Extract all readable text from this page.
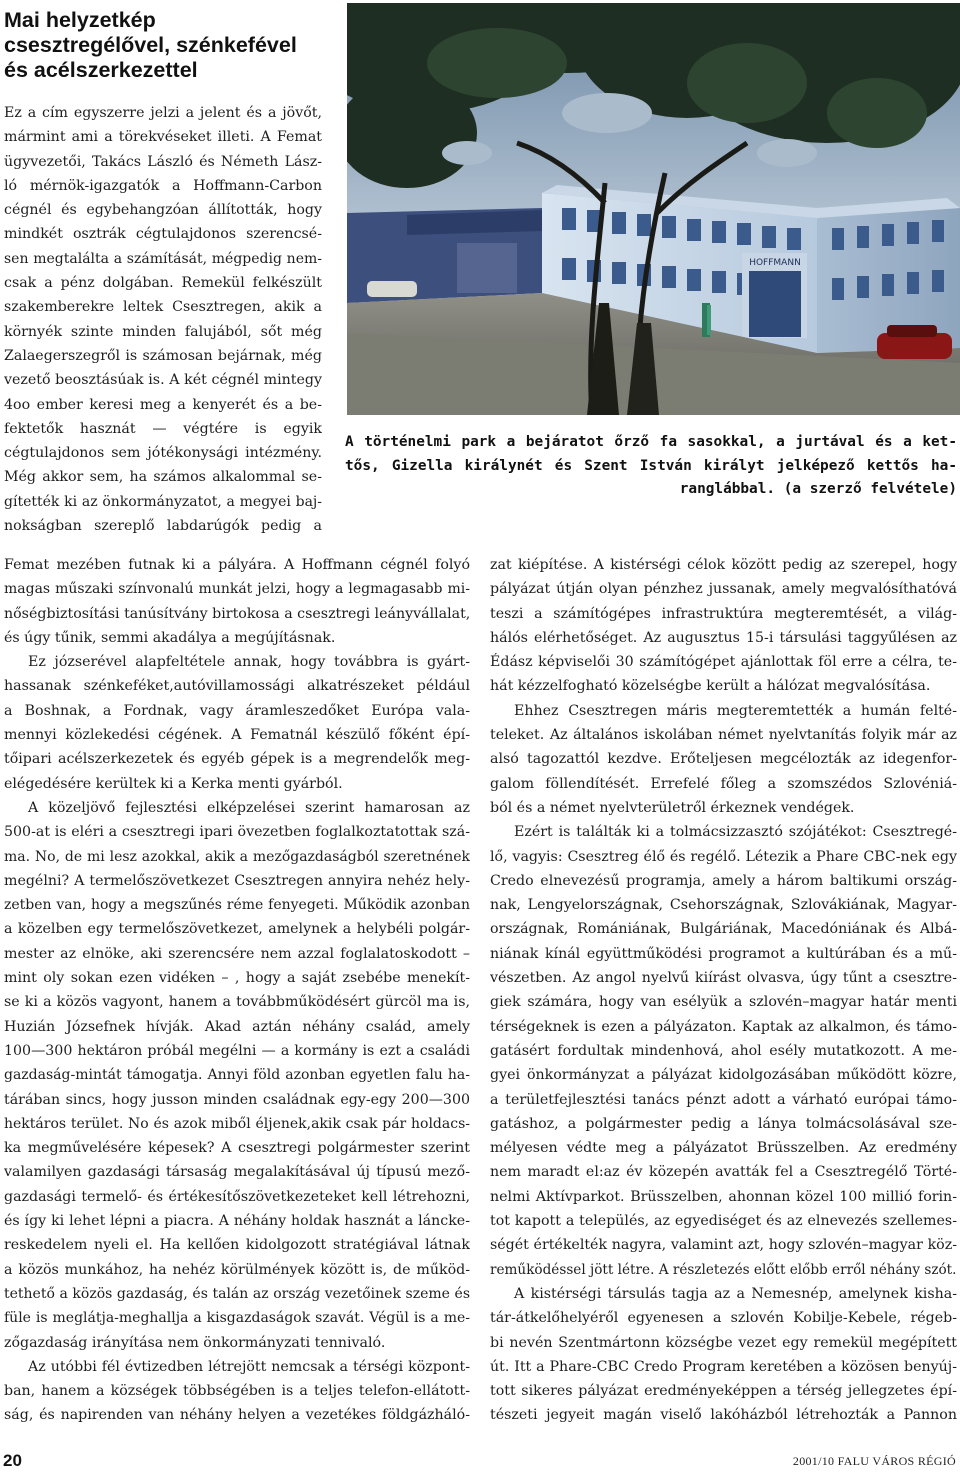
Mai helyzetkép
csesztregélővel, szénkefével
és acélszerkezettel
HOFFMANN
A történelmi park a bejáratot őrző fa sasokkal, a jurtával és a ket-
tős, Gizella királynét és Szent István királyt jelképező kettős ha-
ranglábbal. (a szerző felvétele)
Ez a cím egyszerre jelzi a jelent és a jövőt,
mármint ami a törekvéseket illeti. A Femat
ügyvezetői, Takács László és Németh Lász-
ló mérnök-igazgatók a Hoffmann-Carbon
cégnél és egybehangzóan állították, hogy
mindkét osztrák cégtulajdonos szerencsé-
sen megtalálta a számítását, mégpedig nem-
csak a pénz dolgában. Remekül felkészült
szakemberekre leltek Csesztregen, akik a
környék szinte minden falujából, sőt még
Zalaegerszegről is számosan bejárnak, még
vezető beosztásúak is. A két cégnél mintegy
4oo ember keresi meg a kenyerét és a be-
fektetők hasznát — végtére is egyik
cégtulajdonos sem jótékonysági intézmény.
Még akkor sem, ha számos alkalommal se-
gítették ki az önkormányzatot, a megyei baj-
nokságban szereplő labdarúgók pedig a
Femat mezében futnak ki a pályára. A Hoffmann cégnél folyó
magas műszaki színvonalú munkát jelzi, hogy a legmagasabb mi-
nőségbiztosítási tanúsítvány birtokosa a csesztregi leányvállalat,
és úgy tűnik, semmi akadálya a megújításnak.
Ez józserével alapfeltétele annak, hogy továbbra is gyárt-
hassanak szénkeféket,autóvillamossági alkatrészeket például
a Boshnak, a Fordnak, vagy áramleszedőket Európa vala-
mennyi közlekedési cégének. A Fematnál készülő főként épí-
tőipari acélszerkezetek és egyéb gépek is a megrendelők meg-
elégedésére kerültek ki a Kerka menti gyárból.
A közeljövő fejlesztési elképzelései szerint hamarosan az
500-at is eléri a csesztregi ipari övezetben foglalkoztatottak szá-
ma. No, de mi lesz azokkal, akik a mezőgazdaságból szeretnének
megélni? A termelőszövetkezet Csesztregen annyira nehéz hely-
zetben van, hogy a megszűnés réme fenyegeti. Működik azonban
a közelben egy termelőszövetkezet, amelynek a helybéli polgár-
mester az elnöke, aki szerencsére nem azzal foglalatoskodott –
mint oly sokan ezen vidéken – , hogy a saját zsebébe menekít-
se ki a közös vagyont, hanem a továbbműködésért gürcöl ma is,
Huzián Józsefnek hívják. Akad aztán néhány család, amely
100—300 hektáron próbál megélni — a kormány is ezt a családi
gazdaság-mintát támogatja. Annyi föld azonban egyetlen falu ha-
tárában sincs, hogy jusson minden családnak egy-egy 200—300
hektáros terület. No és azok miből éljenek,akik csak pár holdacs-
ka megművelésére képesek? A csesztregi polgármester szerint
valamilyen gazdasági társaság megalakításával új típusú mező-
gazdasági termelő- és értékesítőszövetkezeteket kell létrehozni,
és így ki lehet lépni a piacra. A néhány holdak hasznát a láncke-
reskedelem nyeli el. Ha kellően kidolgozott stratégiával látnak
a közös munkához, ha nehéz körülmények között is, de működ-
tethető a közös gazdaság, és talán az ország vezetőinek szeme és
füle is meglátja-meghallja a kisgazdaságok szavát. Végül is a me-
zőgazdaság irányítása nem önkormányzati tennivaló.
Az utóbbi fél évtizedben létrejött nemcsak a térségi központ-
ban, hanem a községek többségében is a teljes telefon-ellátott-
ság, és napirenden van néhány helyen a vezetékes földgázháló-
zat kiépítése. A kistérségi célok között pedig az szerepel, hogy
pályázat útján olyan pénzhez jussanak, amely megvalósíthatóvá
teszi a számítógépes infrastruktúra megteremtését, a világ-
hálós elérhetőséget. Az augusztus 15-i társulási taggyűlésen az
Édász képviselői 30 számítógépet ajánlottak föl erre a célra, te-
hát kézzelfogható közelségbe került a hálózat megvalósítása.
Ehhez Csesztregen máris megteremtették a humán felté-
teleket. Az általános iskolában német nyelvtanítás folyik már az
alsó tagozattól kezdve. Erőteljesen megcélozták az idegenfor-
galom föllendítését. Errefelé főleg a szomszédos Szlovéniá-
ból és a német nyelvterületről érkeznek vendégek.
Ezért is találták ki a tolmácsizzasztó szójátékot: Csesztregé-
lő, vagyis: Csesztreg élő és regélő. Létezik a Phare CBC-nek egy
Credo elnevezésű programja, amely a három baltikumi ország-
nak, Lengyelországnak, Csehországnak, Szlovákiának, Magyar-
országnak, Romániának, Bulgáriának, Macedóniának és Albá-
niának kínál együttműködési programot a kultúrában és a mű-
vészetben. Az angol nyelvű kiírást olvasva, úgy tűnt a csesztre-
giek számára, hogy van esélyük a szlovén–magyar határ menti
térségeknek is ezen a pályázaton. Kaptak az alkalmon, és támo-
gatásért fordultak mindenhová, ahol esély mutatkozott. A me-
gyei önkormányzat a pályázat kidolgozásában működött közre,
a területfejlesztési tanács pénzt adott a várható európai támo-
gatáshoz, a polgármester pedig a lánya tolmácsolásával sze-
mélyesen védte meg a pályázatot Brüsszelben. Az eredmény
nem maradt el:az év közepén avatták fel a Csesztregélő Törté-
nelmi Aktívparkot. Brüsszelben, ahonnan közel 100 millió forin-
tot kapott a település, az egyediséget és az elnevezés szellemes-
ségét értékelték nagyra, valamint azt, hogy szlovén–magyar köz-
reműködéssel jött létre. A részletezés előtt előbb erről néhány szót.
A kistérségi társulás tagja az a Nemesnép, amelynek kisha-
tár-átkelőhelyéről egyenesen a szlovén Kobilje-Kebele, régeb-
bi nevén Szentmártonn községbe vezet egy remekül megépített
út. Itt a Phare-CBC Credo Program keretében a közösen benyúj-
tott sikeres pályázat eredményeképpen a térség jellegzetes épí-
tészeti jegyeit magán viselő lakóházból létrehozták a Pannon
20	2001/10 FALU VÁROS RÉGIÓ
